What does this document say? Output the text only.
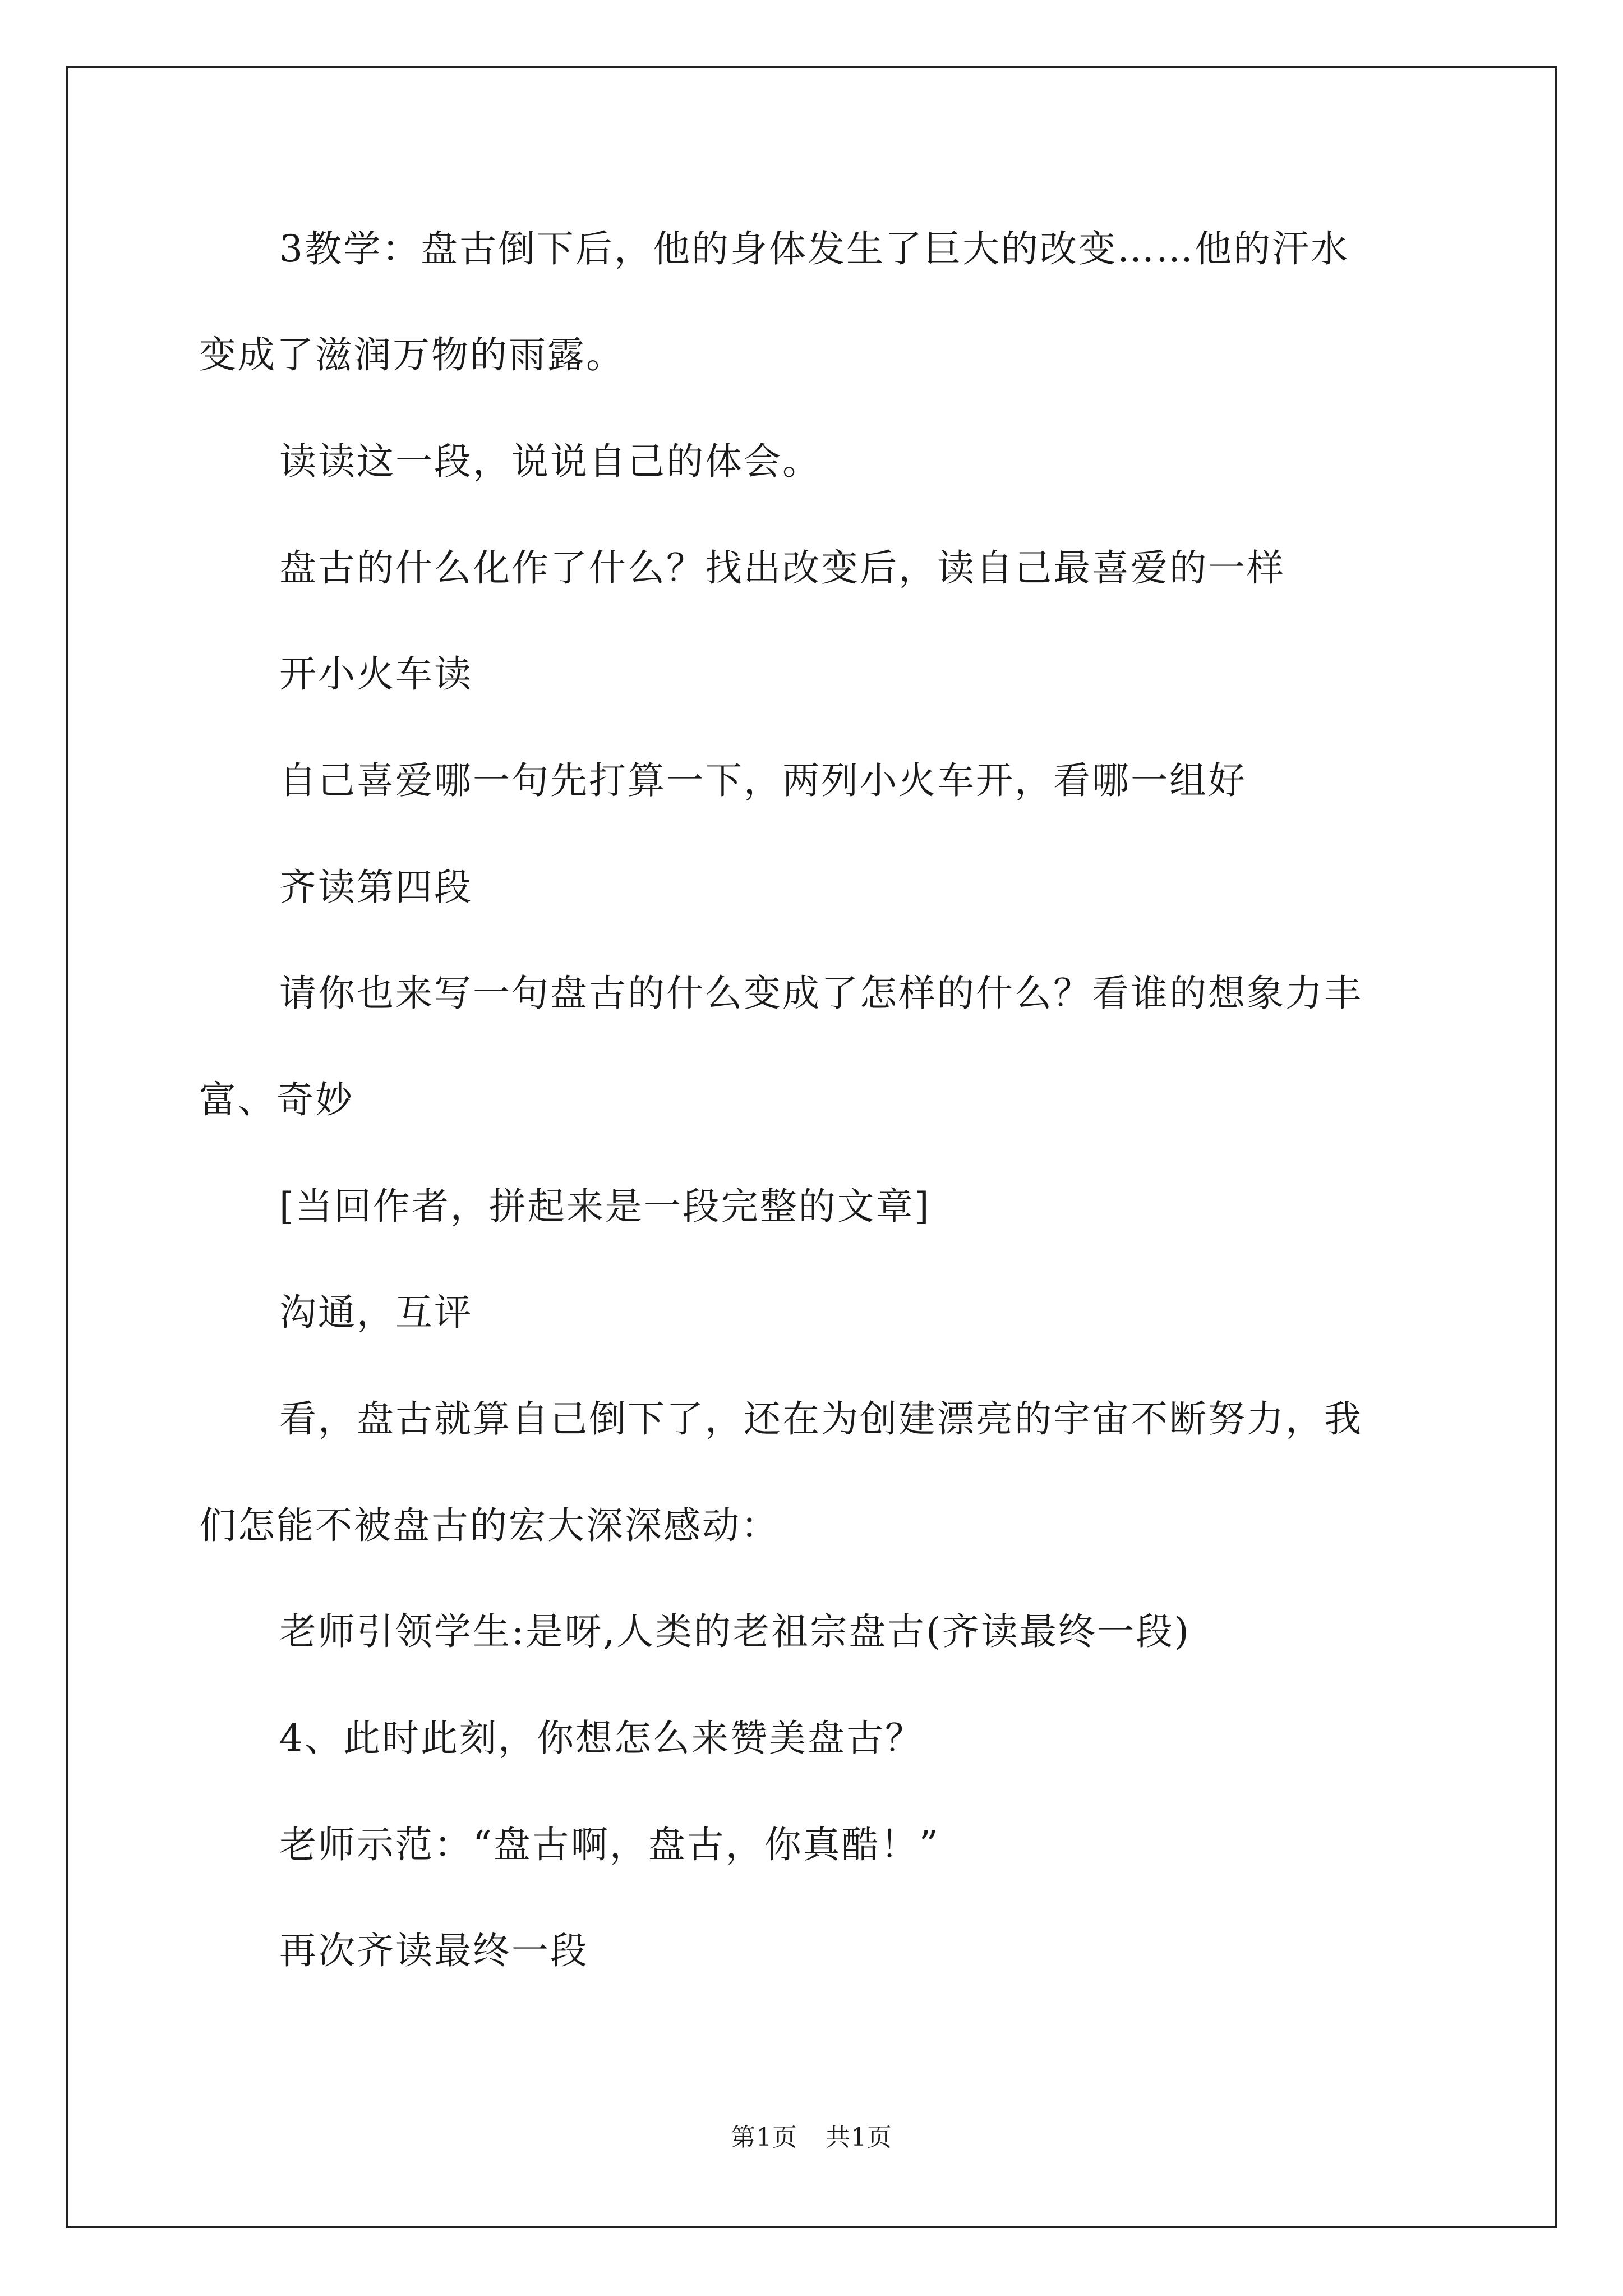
3教学：盘古倒下后，他的身体发生了巨大的改变……他的汗水
变成了滋润万物的雨露。
读读这一段，说说自己的体会。
盘古的什么化作了什么？找出改变后，读自己最喜爱的一样
开小火车读
自己喜爱哪一句先打算一下，两列小火车开，看哪一组好
齐读第四段
请你也来写一句盘古的什么变成了怎样的什么？看谁的想象力丰
富、奇妙
[当回作者，拼起来是一段完整的文章]
沟通，互评
看，盘古就算自己倒下了，还在为创建漂亮的宇宙不断努力，我
们怎能不被盘古的宏大深深感动：
老师引领学生:是呀,人类的老祖宗盘古(齐读最终一段)
4、此时此刻，你想怎么来赞美盘古？
老师示范：“盘古啊，盘古，你真酷！”
再次齐读最终一段
第1页 共1页
